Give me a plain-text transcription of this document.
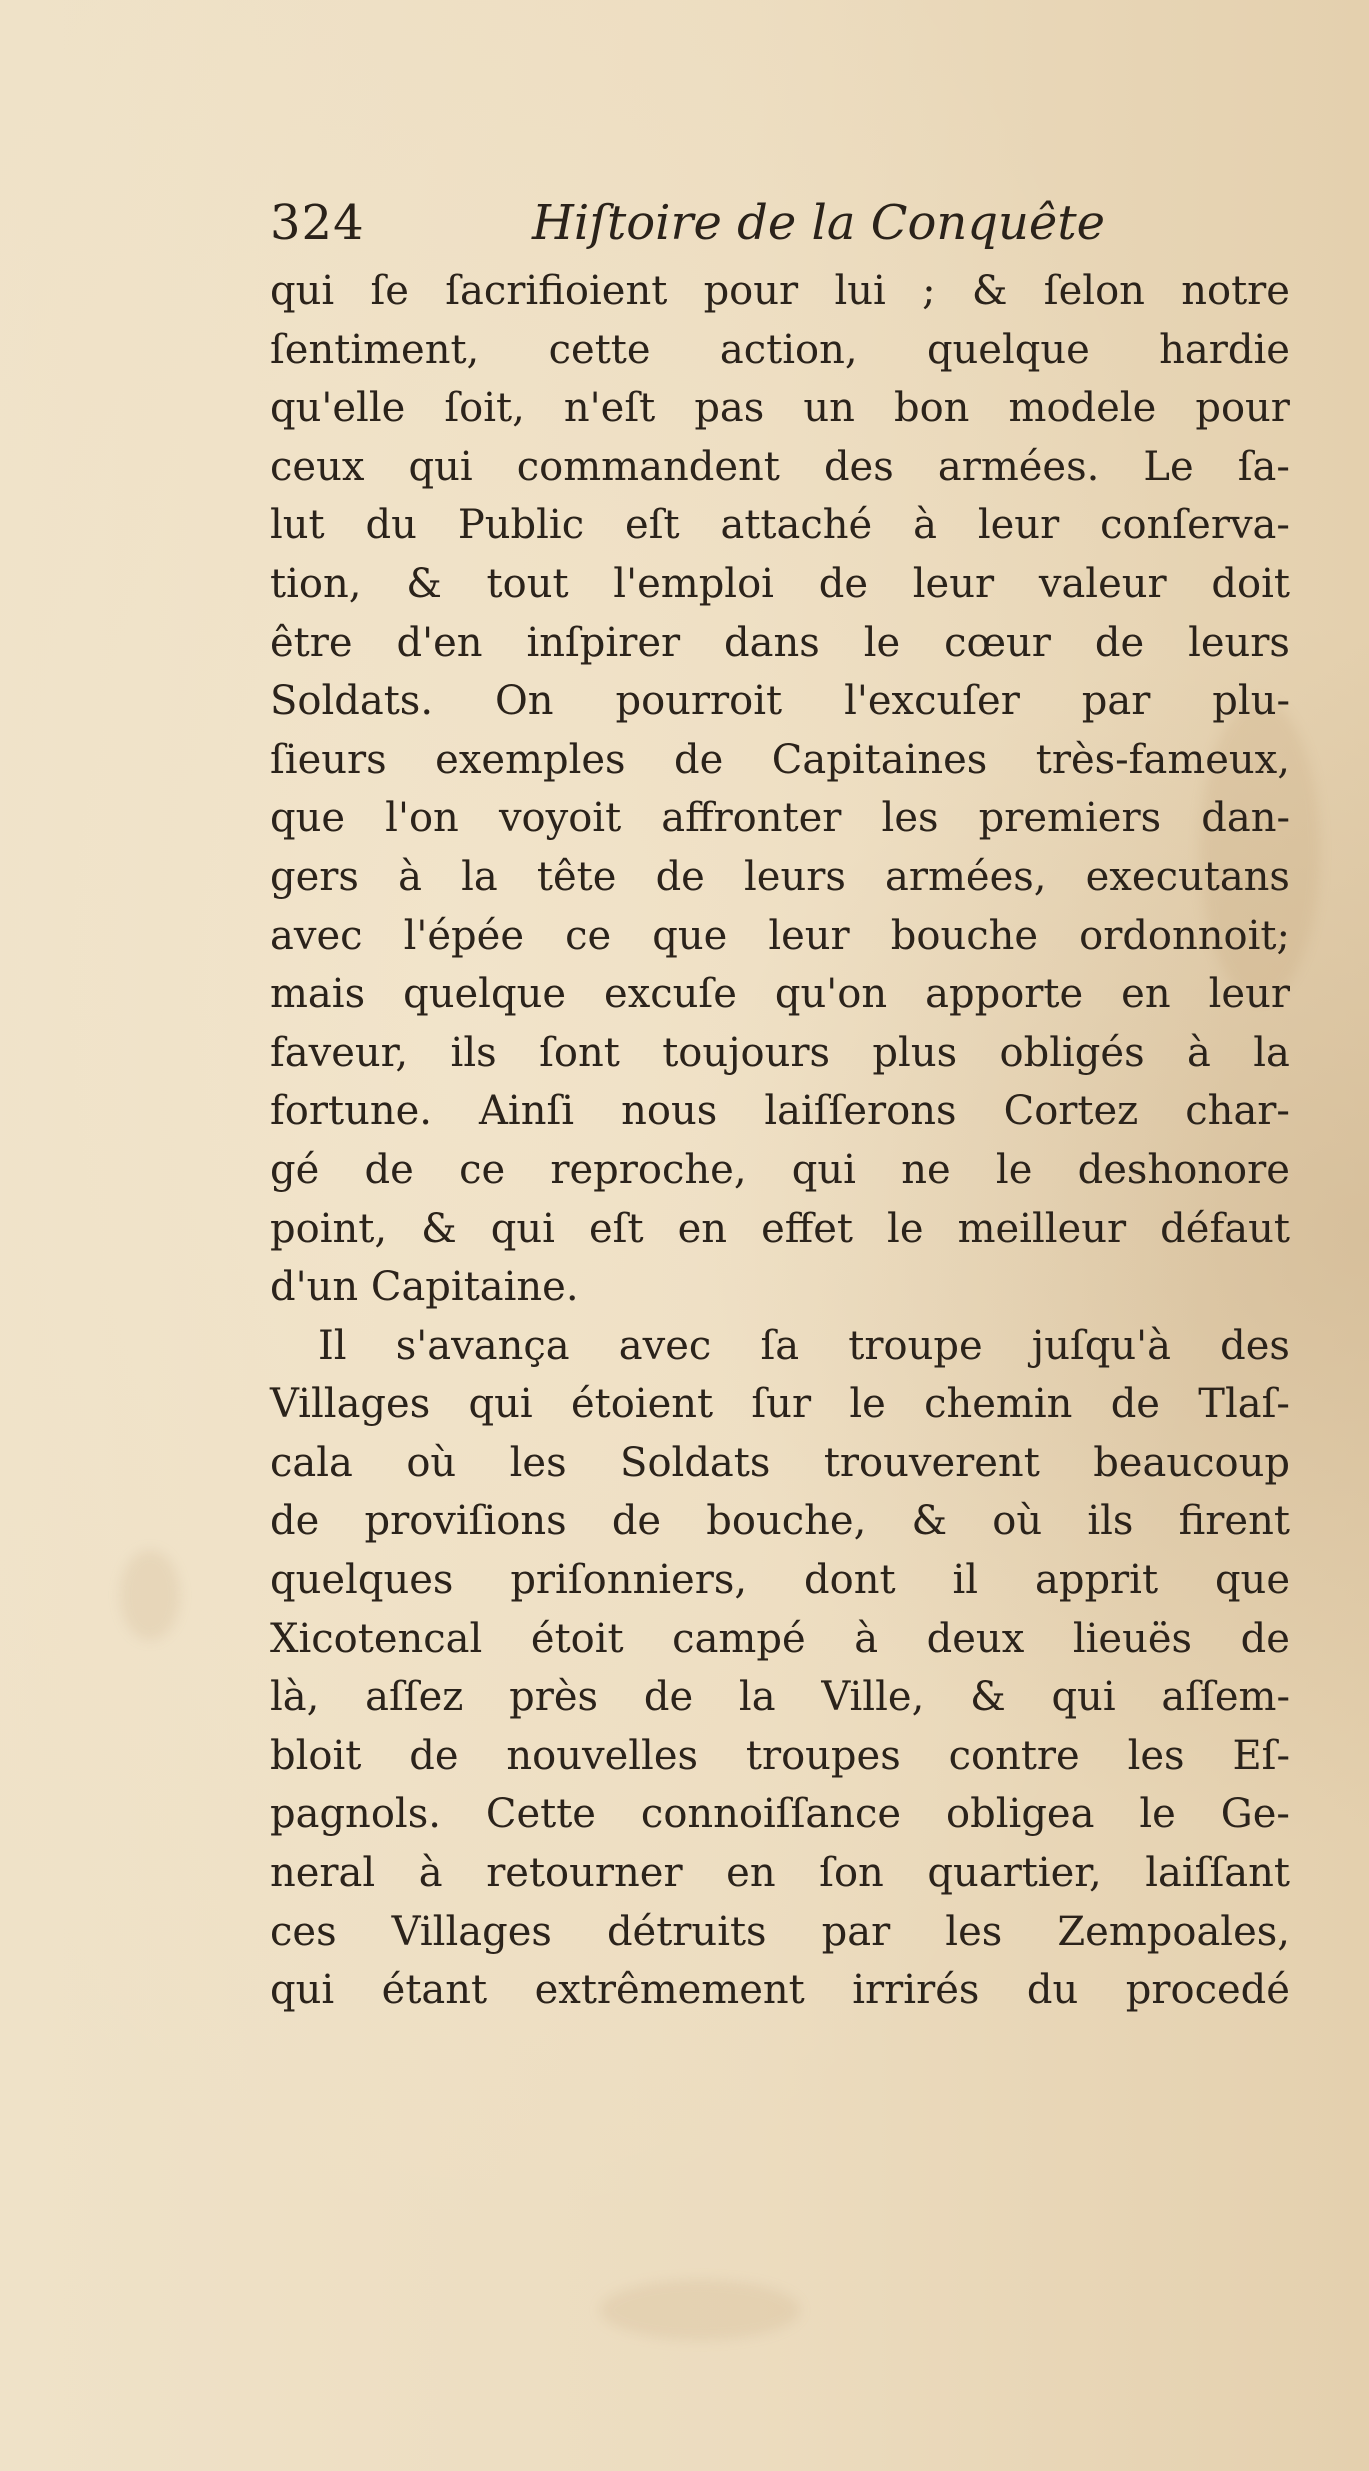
324	Hiſtoire de la Conquête
qui ſe ſacrifioient pour lui ; & ſelon notre
ſentiment, cette action, quelque hardie
qu'elle ſoit, n'eſt pas un bon modele pour
ceux qui commandent des armées. Le ſa-
lut du Public eſt attaché à leur conſerva-
tion, & tout l'emploi de leur valeur doit
être d'en inſpirer dans le cœur de leurs
Soldats. On pourroit l'excuſer par plu-
ſieurs exemples de Capitaines très-fameux,
que l'on voyoit affronter les premiers dan-
gers à la tête de leurs armées, executans
avec l'épée ce que leur bouche ordonnoit;
mais quelque excuſe qu'on apporte en leur
faveur, ils ſont toujours plus obligés à la
fortune. Ainſi nous laiſſerons Cortez char-
gé de ce reproche, qui ne le deshonore
point, & qui eſt en effet le meilleur défaut
d'un Capitaine.
Il s'avança avec ſa troupe juſqu'à des
Villages qui étoient ſur le chemin de Tlaſ-
cala où les Soldats trouverent beaucoup
de proviſions de bouche, & où ils firent
quelques priſonniers, dont il apprit que
Xicotencal étoit campé à deux lieuës de
là, aſſez près de la Ville, & qui aſſem-
bloit de nouvelles troupes contre les Eſ-
pagnols. Cette connoiſſance obligea le Ge-
neral à retourner en ſon quartier, laiſſant
ces Villages détruits par les Zempoales,
qui étant extrêmement irrirés du procedé
